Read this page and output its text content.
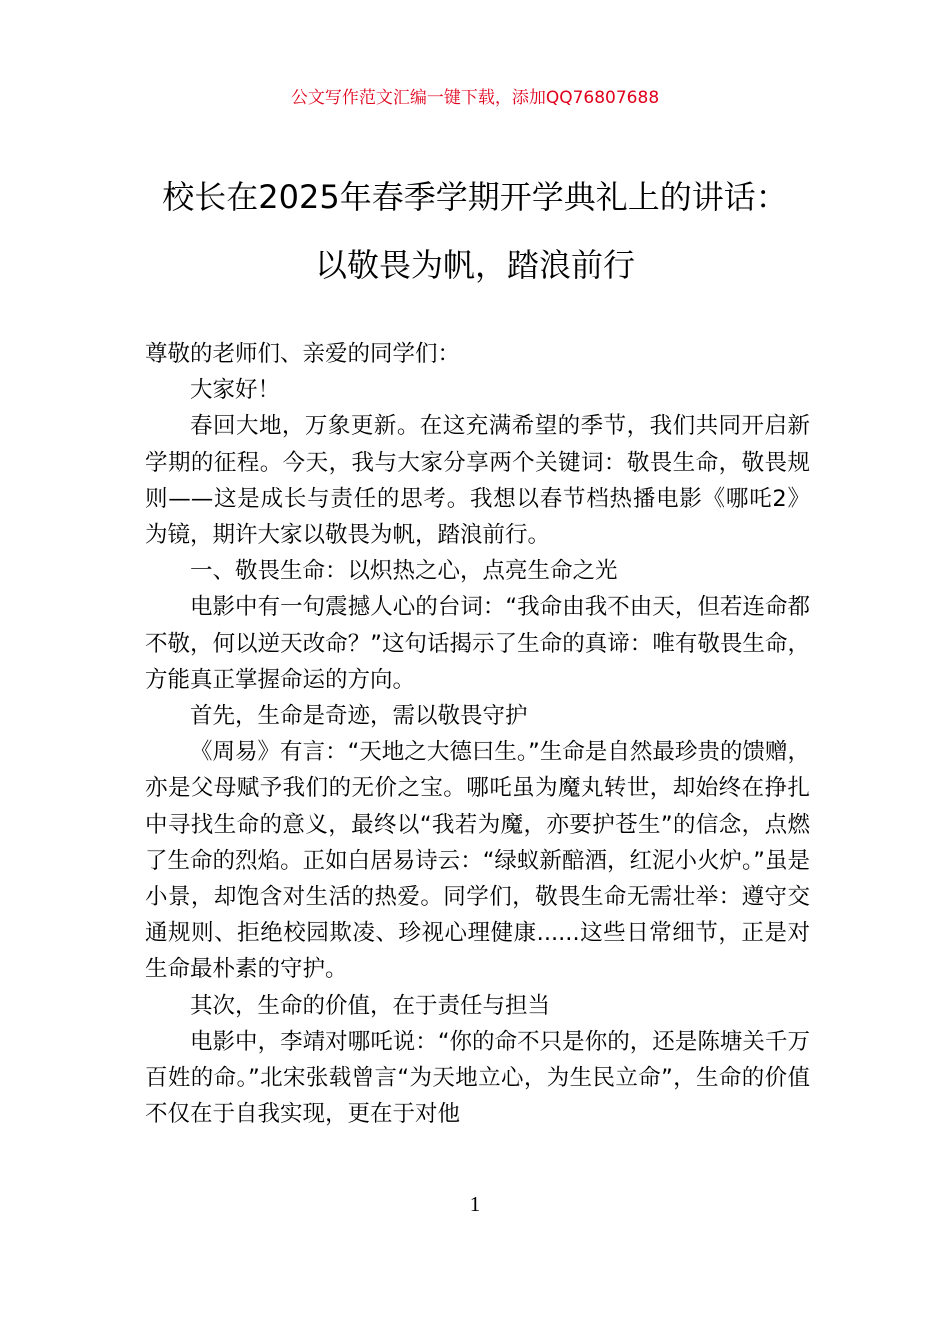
公文写作范文汇编一键下载，添加QQ76807688
校长在2025年春季学期开学典礼上的讲话：
以敬畏为帆，踏浪前行

尊敬的老师们、亲爱的同学们：

大家好！

春回大地，万象更新。在这充满希望的季节，我们共同开启新学期的征程。今天，我与大家分享两个关键词：敬畏生命，敬畏规则——这是成长与责任的思考。我想以春节档热播电影《哪吒2》为镜，期许大家以敬畏为帆，踏浪前行。

一、敬畏生命：以炽热之心，点亮生命之光

电影中有一句震撼人心的台词：“我命由我不由天，但若连命都不敬，何以逆天改命？”这句话揭示了生命的真谛：唯有敬畏生命，方能真正掌握命运的方向。

首先，生命是奇迹，需以敬畏守护

《周易》有言：“天地之大德曰生。”生命是自然最珍贵的馈赠，亦是父母赋予我们的无价之宝。哪吒虽为魔丸转世，却始终在挣扎中寻找生命的意义，最终以“我若为魔，亦要护苍生”的信念，点燃了生命的烈焰。正如白居易诗云：“绿蚁新醅酒，红泥小火炉。”虽是小景，却饱含对生活的热爱。同学们，敬畏生命无需壮举：遵守交通规则、拒绝校园欺凌、珍视心理健康......这些日常细节，正是对生命最朴素的守护。

其次，生命的价值，在于责任与担当

电影中，李靖对哪吒说：“你的命不只是你的，还是陈塘关千万百姓的命。”北宋张载曾言“为天地立心，为生民立命”，生命的价值不仅在于自我实现，更在于对他

1
